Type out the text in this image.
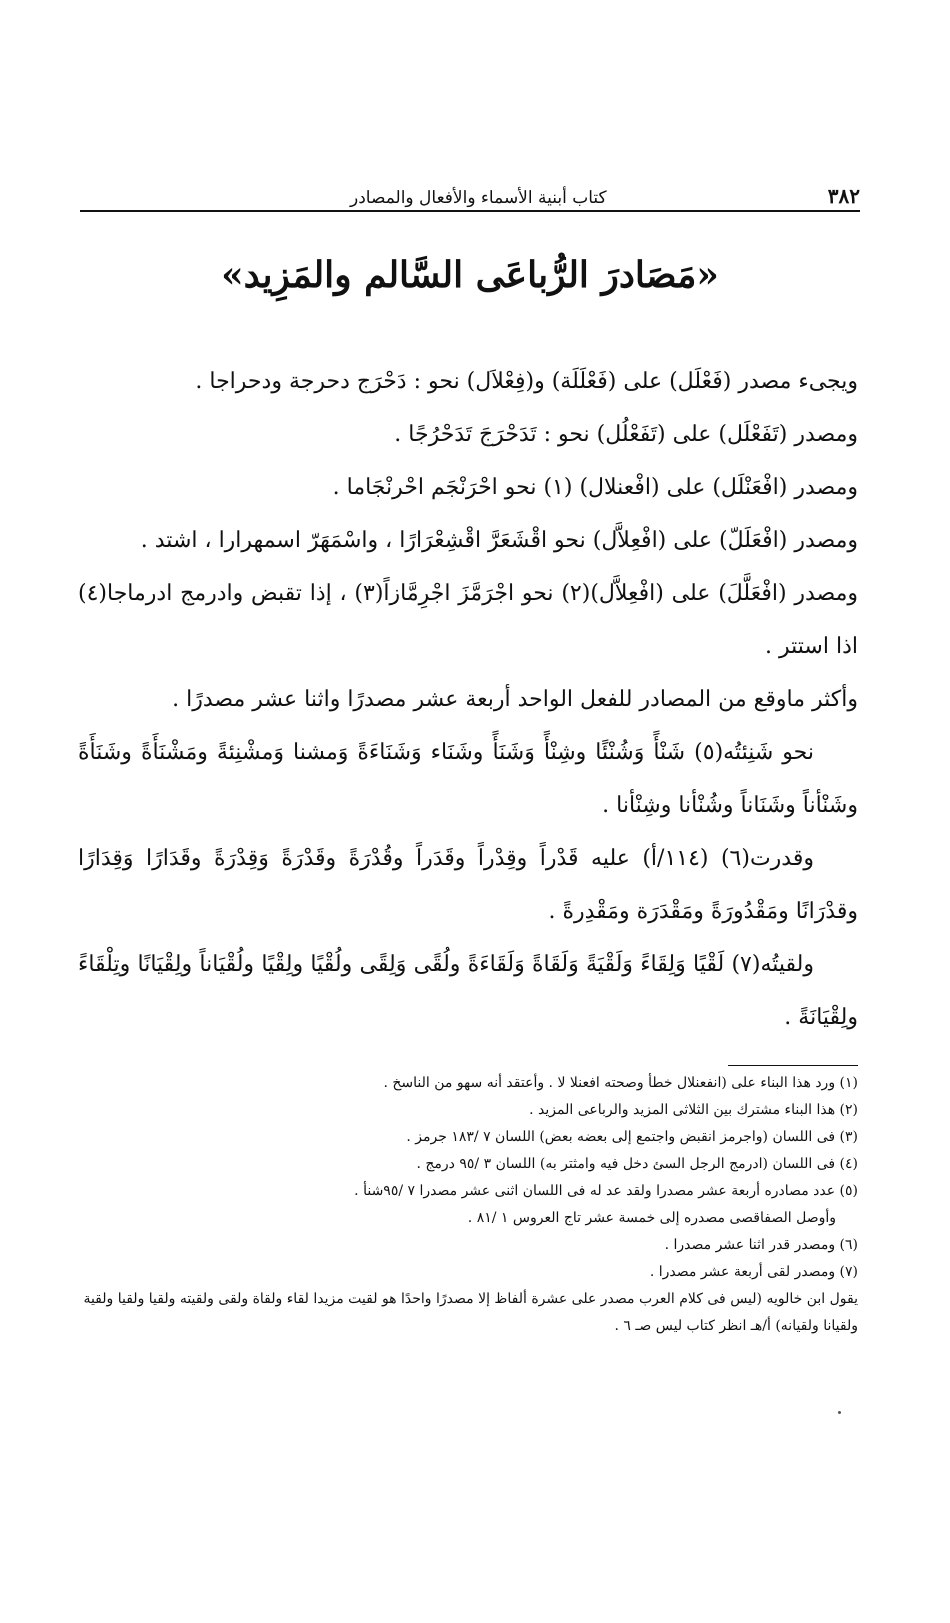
٣٨٢
كتاب أبنية الأسماء والأفعال والمصادر
«مَصَادرَ الرُّباعَى السَّالم والمَزِيد»

ويجىء مصدر (فَعْلَل) على (فَعْلَلَة) و(فِعْلاَل) نحو : دَحْرَج دحرجة ودحراجا .

ومصدر (تَفَعْلَل) على (تَفَعْلُل) نحو : تَدَحْرَجَ تَدَحْرُجًا .

ومصدر (افْعَنْلَل) على (افْعنلال) (١) نحو احْرَنْجَم احْرنْجَاما .

ومصدر (افْعَلَلّ) على (افْعِلاَّل) نحو اقْشَعَرَّ اقْشِعْرَارًا ، واسْمَهَرّ اسمهرارا ، اشتد .

ومصدر (افْعَلَّلَ) على (افْعِلاَّل)(٢) نحو اجْرَمَّزَ اجْرِمَّازاً(٣) ، إذا تقبض وادرمج ادرماجا(٤) اذا استتر .

وأكثر ماوقع من المصادر للفعل الواحد أربعة عشر مصدرًا واثنا عشر مصدرًا .

نحو شَنِئتُه(٥) شَنْأً وَشُنْئًا وشِنْأً وَشَنَأً وشَنَاء وَشَنَاءَةً وَمشنا وَمشْنِئةً ومَشْنَأَةً وشَنَأَةً وشَنْأناً وشَنَاناً وشُنْأنا وشِنْأنا .

وقدرت(٦) (١١٤/أ) عليه قَدْراً وقِدْراً وقَدَراً وقُدْرَةً وقَدْرَةً وَقِدْرَةً وقَدَارًا وَقِدَارًا وقدْرَانًا ومَقْدُورَةً ومَقْدَرَة ومَقْدِرةً .

ولقيتُه(٧) لَقْيًا وَلِقَاءً وَلَقْيَةً وَلَقَاةً وَلَقَاءَةً ولُقًى وَلِقًى ولُقْيًا ولِقْيًا ولُقْيَاناً ولِقْيَانًا وتِلْقَاءً ولِقْيَانَةً .

(١) ورد هذا البناء على (انفعنلال خطأ وصحته افعنلا لا . وأعتقد أنه سهو من الناسخ .

(٢) هذا البناء مشترك بين الثلاثى المزيد والرباعى المزيد .

(٣) فى اللسان (واجرمز انقبض واجتمع إلى بعضه بعض) اللسان ٧ /١٨٣ جرمز .

(٤) فى اللسان (ادرمج الرجل السئ دخل فيه وامثتر به) اللسان ٣ /٩٥ درمج .

(٥) عدد مصادره أربعة عشر مصدرا ولقد عد له فى اللسان اثنى عشر مصدرا ٧ /٩٥شنأ .

وأوصل الصفاقصى مصدره إلى خمسة عشر تاج العروس ١ /٨١ .

(٦) ومصدر قدر اثنا عشر مصدرا .

(٧) ومصدر لقى أربعة عشر مصدرا .

يقول ابن خالويه (ليس فى كلام العرب مصدر على عشرة ألفاظ إلا مصدرًا واحدًا هو لقيت مزيدا لقاء ولقاة ولقى ولقيته ولقيا ولقيا ولقية ولقيانا ولقيانه) أ/هـ انظر كتاب ليس صـ ٦ .
